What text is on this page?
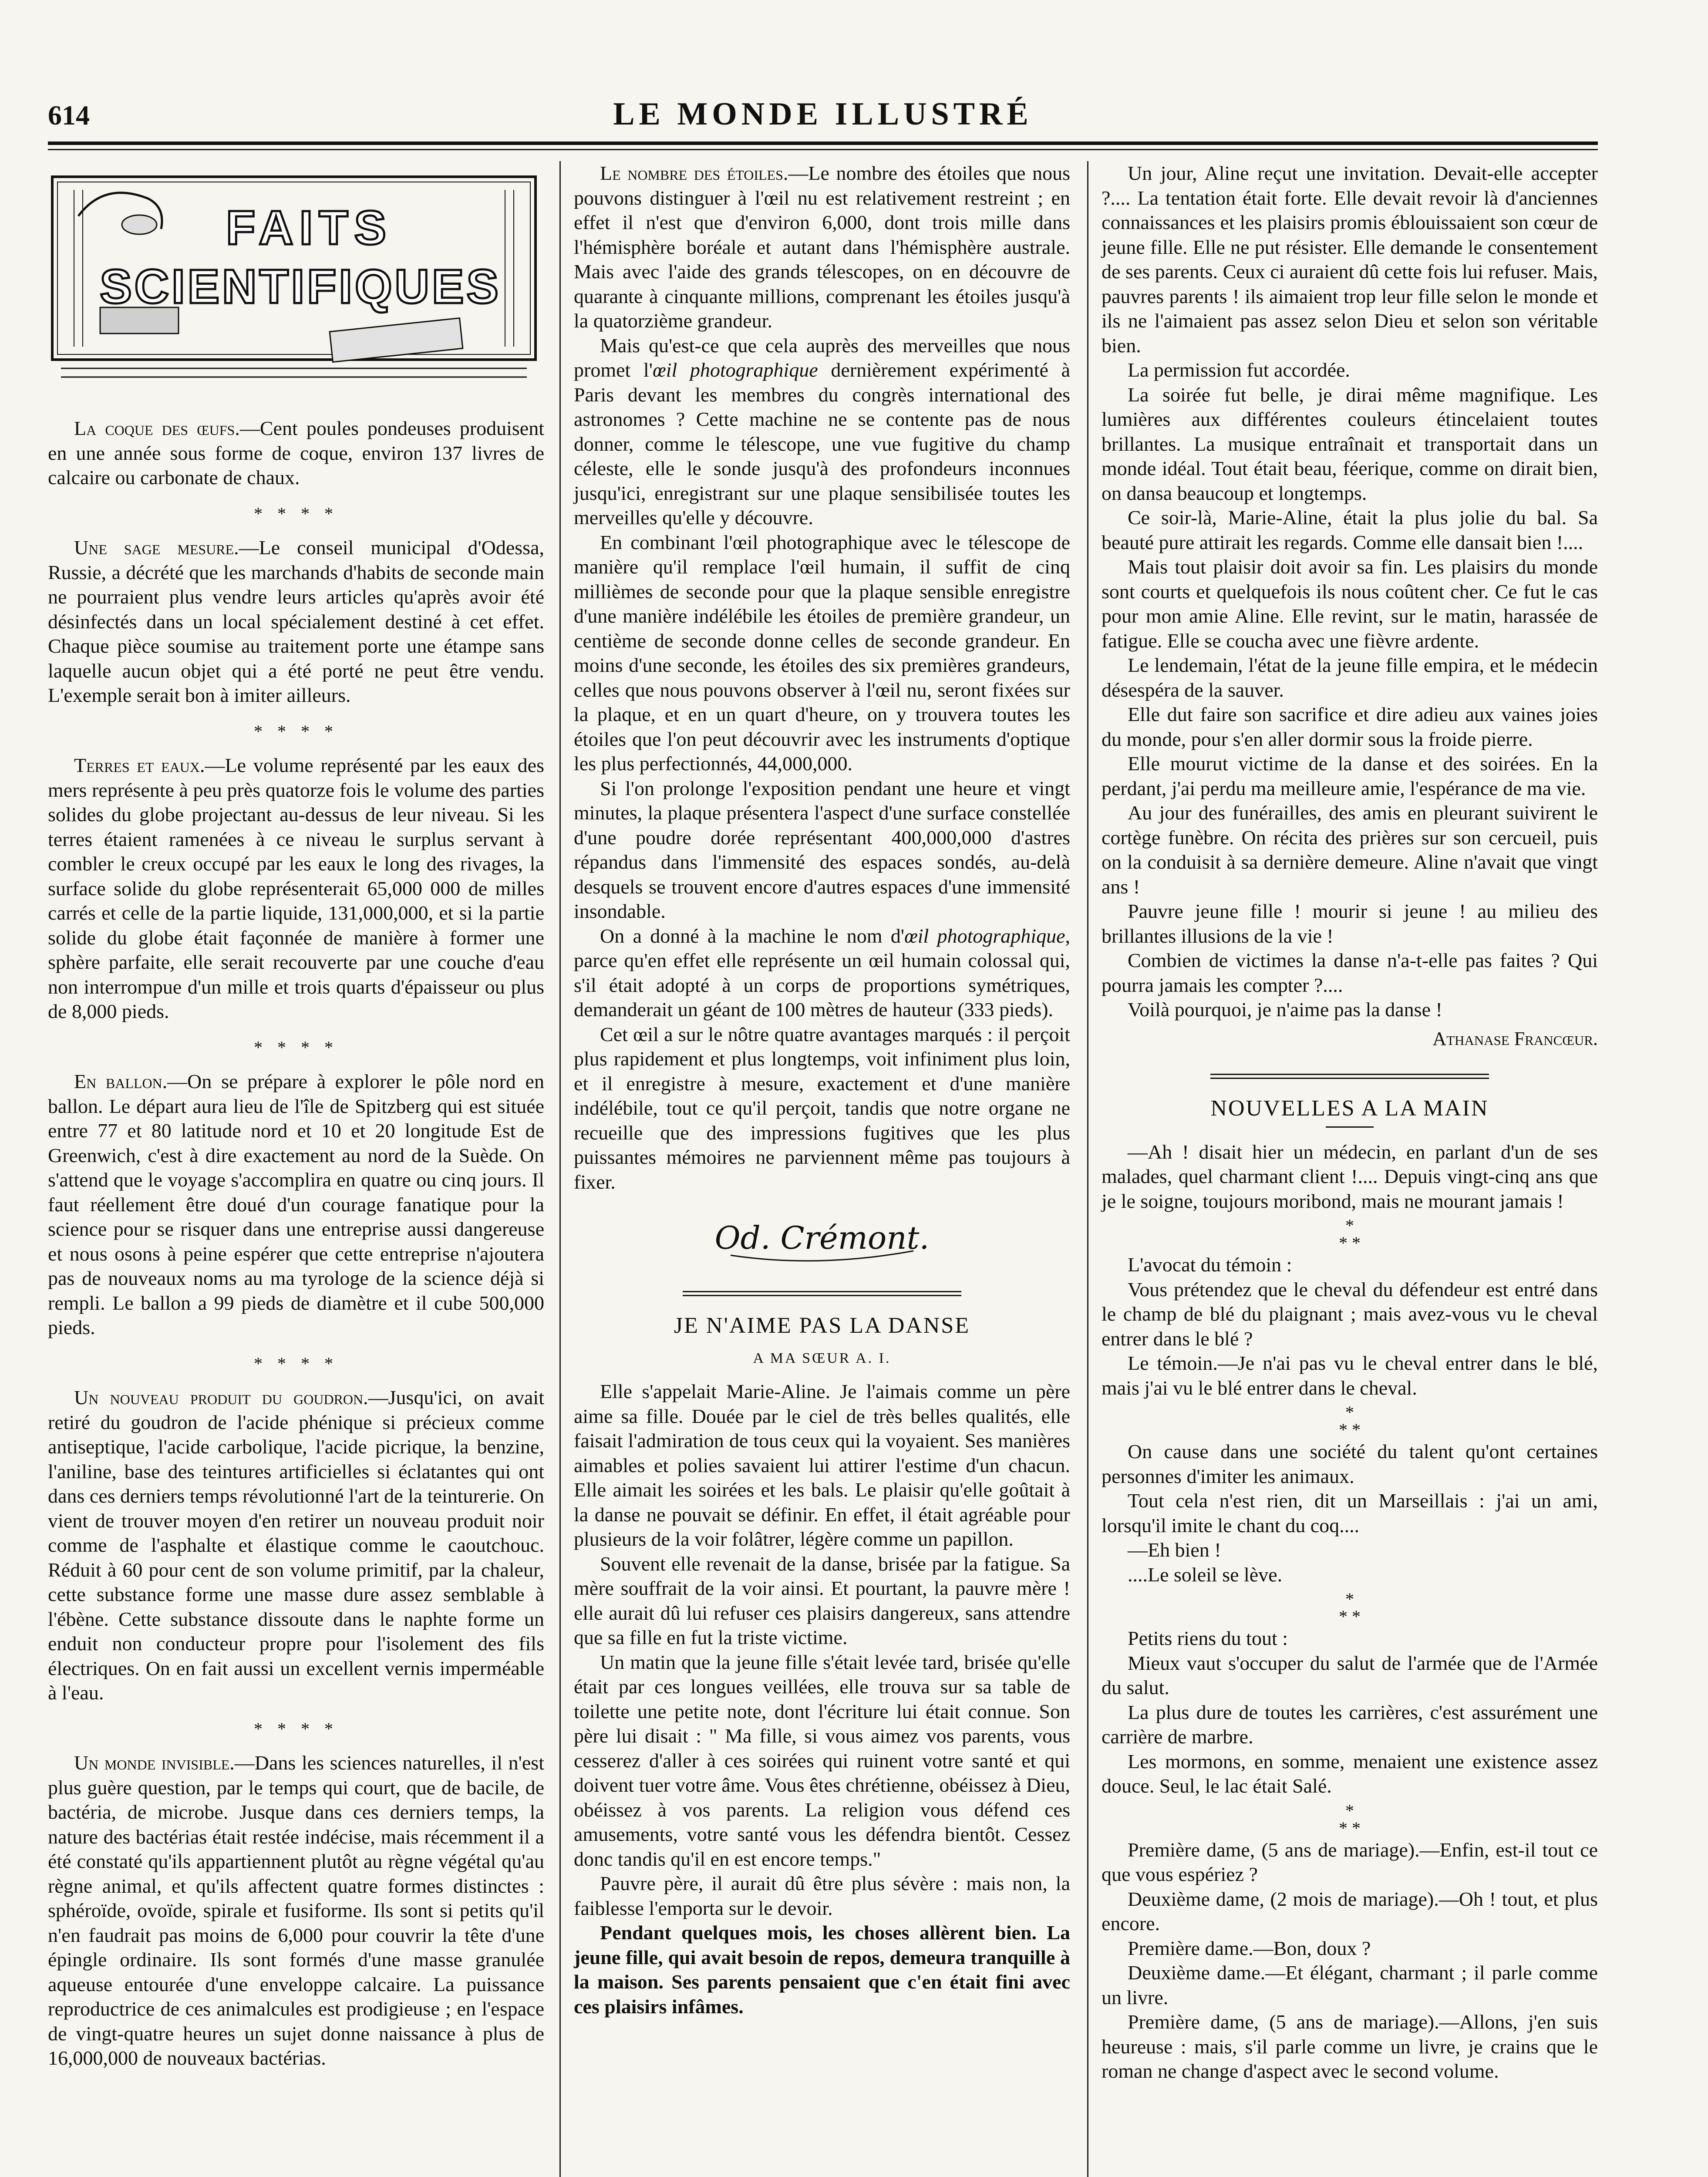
614	LE MONDE ILLUSTRÉ
FAITS
SCIENTIFIQUES

La coque des œufs.—Cent poules pondeuses produisent en une année sous forme de coque, environ 137 livres de calcaire ou carbonate de chaux.

* * * *

Une sage mesure.—Le conseil municipal d'Odessa, Russie, a décrété que les marchands d'habits de seconde main ne pourraient plus vendre leurs articles qu'après avoir été désinfectés dans un local spécialement destiné à cet effet. Chaque pièce soumise au traitement porte une étampe sans laquelle aucun objet qui a été porté ne peut être vendu. L'exemple serait bon à imiter ailleurs.

* * * *

Terres et eaux.—Le volume représenté par les eaux des mers représente à peu près quatorze fois le volume des parties solides du globe projectant au-dessus de leur niveau. Si les terres étaient ramenées à ce niveau le surplus servant à combler le creux occupé par les eaux le long des rivages, la surface solide du globe représenterait 65,000 000 de milles carrés et celle de la partie liquide, 131,000,000, et si la partie solide du globe était façonnée de manière à former une sphère parfaite, elle serait recouverte par une couche d'eau non interrompue d'un mille et trois quarts d'épaisseur ou plus de 8,000 pieds.

* * * *

En ballon.—On se prépare à explorer le pôle nord en ballon. Le départ aura lieu de l'île de Spitzberg qui est située entre 77 et 80 latitude nord et 10 et 20 longitude Est de Greenwich, c'est à dire exactement au nord de la Suède. On s'attend que le voyage s'accomplira en quatre ou cinq jours. Il faut réellement être doué d'un courage fanatique pour la science pour se risquer dans une entreprise aussi dangereuse et nous osons à peine espérer que cette entreprise n'ajoutera pas de nouveaux noms au ma tyrologe de la science déjà si rempli. Le ballon a 99 pieds de diamètre et il cube 500,000 pieds.

* * * *

Un nouveau produit du goudron.—Jusqu'ici, on avait retiré du goudron de l'acide phénique si précieux comme antiseptique, l'acide carbolique, l'acide picrique, la benzine, l'aniline, base des teintures artificielles si éclatantes qui ont dans ces derniers temps révolutionné l'art de la teinturerie. On vient de trouver moyen d'en retirer un nouveau produit noir comme de l'asphalte et élastique comme le caoutchouc. Réduit à 60 pour cent de son volume primitif, par la chaleur, cette substance forme une masse dure assez semblable à l'ébène. Cette substance dissoute dans le naphte forme un enduit non conducteur propre pour l'isolement des fils électriques. On en fait aussi un excellent vernis imperméable à l'eau.

* * * *

Un monde invisible.—Dans les sciences naturelles, il n'est plus guère question, par le temps qui court, que de bacile, de bactéria, de microbe. Jusque dans ces derniers temps, la nature des bactérias était restée indécise, mais récemment il a été constaté qu'ils appartiennent plutôt au règne végétal qu'au règne animal, et qu'ils affectent quatre formes distinctes : sphéroïde, ovoïde, spirale et fusiforme. Ils sont si petits qu'il n'en faudrait pas moins de 6,000 pour couvrir la tête d'une épingle ordinaire. Ils sont formés d'une masse granulée aqueuse entourée d'une enveloppe calcaire. La puissance reproductrice de ces animalcules est prodigieuse ; en l'espace de vingt-quatre heures un sujet donne naissance à plus de 16,000,000 de nouveaux bactérias.

Le nombre des étoiles.—Le nombre des étoiles que nous pouvons distinguer à l'œil nu est relativement restreint ; en effet il n'est que d'environ 6,000, dont trois mille dans l'hémisphère boréale et autant dans l'hémisphère australe. Mais avec l'aide des grands télescopes, on en découvre de quarante à cinquante millions, comprenant les étoiles jusqu'à la quatorzième grandeur.

Mais qu'est-ce que cela auprès des merveilles que nous promet l'œil photographique dernièrement expérimenté à Paris devant les membres du congrès international des astronomes ? Cette machine ne se contente pas de nous donner, comme le télescope, une vue fugitive du champ céleste, elle le sonde jusqu'à des profondeurs inconnues jusqu'ici, enregistrant sur une plaque sensibilisée toutes les merveilles qu'elle y découvre.

En combinant l'œil photographique avec le télescope de manière qu'il remplace l'œil humain, il suffit de cinq millièmes de seconde pour que la plaque sensible enregistre d'une manière indélébile les étoiles de première grandeur, un centième de seconde donne celles de seconde grandeur. En moins d'une seconde, les étoiles des six premières grandeurs, celles que nous pouvons observer à l'œil nu, seront fixées sur la plaque, et en un quart d'heure, on y trouvera toutes les étoiles que l'on peut découvrir avec les instruments d'optique les plus perfectionnés, 44,000,000.

Si l'on prolonge l'exposition pendant une heure et vingt minutes, la plaque présentera l'aspect d'une surface constellée d'une poudre dorée représentant 400,000,000 d'astres répandus dans l'immensité des espaces sondés, au-delà desquels se trouvent encore d'autres espaces d'une immensité insondable.

On a donné à la machine le nom d'œil photographique, parce qu'en effet elle représente un œil humain colossal qui, s'il était adopté à un corps de proportions symétriques, demanderait un géant de 100 mètres de hauteur (333 pieds).

Cet œil a sur le nôtre quatre avantages marqués : il perçoit plus rapidement et plus longtemps, voit infiniment plus loin, et il enregistre à mesure, exactement et d'une manière indélébile, tout ce qu'il perçoit, tandis que notre organe ne recueille que des impressions fugitives que les plus puissantes mémoires ne parviennent même pas toujours à fixer.

Od. Crémont.

JE N'AIME PAS LA DANSE

A MA SŒUR A. I.

Elle s'appelait Marie-Aline. Je l'aimais comme un père aime sa fille. Douée par le ciel de très belles qualités, elle faisait l'admiration de tous ceux qui la voyaient. Ses manières aimables et polies savaient lui attirer l'estime d'un chacun. Elle aimait les soirées et les bals. Le plaisir qu'elle goûtait à la danse ne pouvait se définir. En effet, il était agréable pour plusieurs de la voir folâtrer, légère comme un papillon.

Souvent elle revenait de la danse, brisée par la fatigue. Sa mère souffrait de la voir ainsi. Et pourtant, la pauvre mère ! elle aurait dû lui refuser ces plaisirs dangereux, sans attendre que sa fille en fut la triste victime.

Un matin que la jeune fille s'était levée tard, brisée qu'elle était par ces longues veillées, elle trouva sur sa table de toilette une petite note, dont l'écriture lui était connue. Son père lui disait : " Ma fille, si vous aimez vos parents, vous cesserez d'aller à ces soirées qui ruinent votre santé et qui doivent tuer votre âme. Vous êtes chrétienne, obéissez à Dieu, obéissez à vos parents. La religion vous défend ces amusements, votre santé vous les défendra bientôt. Cessez donc tandis qu'il en est encore temps."

Pauvre père, il aurait dû être plus sévère : mais non, la faiblesse l'emporta sur le devoir.

Pendant quelques mois, les choses allèrent bien. La jeune fille, qui avait besoin de repos, demeura tranquille à la maison. Ses parents pensaient que c'en était fini avec ces plaisirs infâmes.

Un jour, Aline reçut une invitation. Devait-elle accepter ?.... La tentation était forte. Elle devait revoir là d'anciennes connaissances et les plaisirs promis éblouissaient son cœur de jeune fille. Elle ne put résister. Elle demande le consentement de ses parents. Ceux ci auraient dû cette fois lui refuser. Mais, pauvres parents ! ils aimaient trop leur fille selon le monde et ils ne l'aimaient pas assez selon Dieu et selon son véritable bien.

La permission fut accordée.

La soirée fut belle, je dirai même magnifique. Les lumières aux différentes couleurs étincelaient toutes brillantes. La musique entraînait et transportait dans un monde idéal. Tout était beau, féerique, comme on dirait bien, on dansa beaucoup et longtemps.

Ce soir-là, Marie-Aline, était la plus jolie du bal. Sa beauté pure attirait les regards. Comme elle dansait bien !....

Mais tout plaisir doit avoir sa fin. Les plaisirs du monde sont courts et quelquefois ils nous coûtent cher. Ce fut le cas pour mon amie Aline. Elle revint, sur le matin, harassée de fatigue. Elle se coucha avec une fièvre ardente.

Le lendemain, l'état de la jeune fille empira, et le médecin désespéra de la sauver.

Elle dut faire son sacrifice et dire adieu aux vaines joies du monde, pour s'en aller dormir sous la froide pierre.

Elle mourut victime de la danse et des soirées. En la perdant, j'ai perdu ma meilleure amie, l'espérance de ma vie.

Au jour des funérailles, des amis en pleurant suivirent le cortège funèbre. On récita des prières sur son cercueil, puis on la conduisit à sa dernière demeure. Aline n'avait que vingt ans !

Pauvre jeune fille ! mourir si jeune ! au milieu des brillantes illusions de la vie !

Combien de victimes la danse n'a-t-elle pas faites ? Qui pourra jamais les compter ?....

Voilà pourquoi, je n'aime pas la danse !

Athanase Francœur.

NOUVELLES A LA MAIN

—Ah ! disait hier un médecin, en parlant d'un de ses malades, quel charmant client !.... Depuis vingt-cinq ans que je le soigne, toujours moribond, mais ne mourant jamais !

*
* *

L'avocat du témoin :

Vous prétendez que le cheval du défendeur est entré dans le champ de blé du plaignant ; mais avez-vous vu le cheval entrer dans le blé ?

Le témoin.—Je n'ai pas vu le cheval entrer dans le blé, mais j'ai vu le blé entrer dans le cheval.

*
* *

On cause dans une société du talent qu'ont certaines personnes d'imiter les animaux.

Tout cela n'est rien, dit un Marseillais : j'ai un ami, lorsqu'il imite le chant du coq....

—Eh bien !

....Le soleil se lève.

*
* *

Petits riens du tout :

Mieux vaut s'occuper du salut de l'armée que de l'Armée du salut.

La plus dure de toutes les carrières, c'est assurément une carrière de marbre.

Les mormons, en somme, menaient une existence assez douce. Seul, le lac était Salé.

*
* *

Première dame, (5 ans de mariage).—Enfin, est-il tout ce que vous espériez ?

Deuxième dame, (2 mois de mariage).—Oh ! tout, et plus encore.

Première dame.—Bon, doux ?

Deuxième dame.—Et élégant, charmant ; il parle comme un livre.

Première dame, (5 ans de mariage).—Allons, j'en suis heureuse : mais, s'il parle comme un livre, je crains que le roman ne change d'aspect avec le second volume.
